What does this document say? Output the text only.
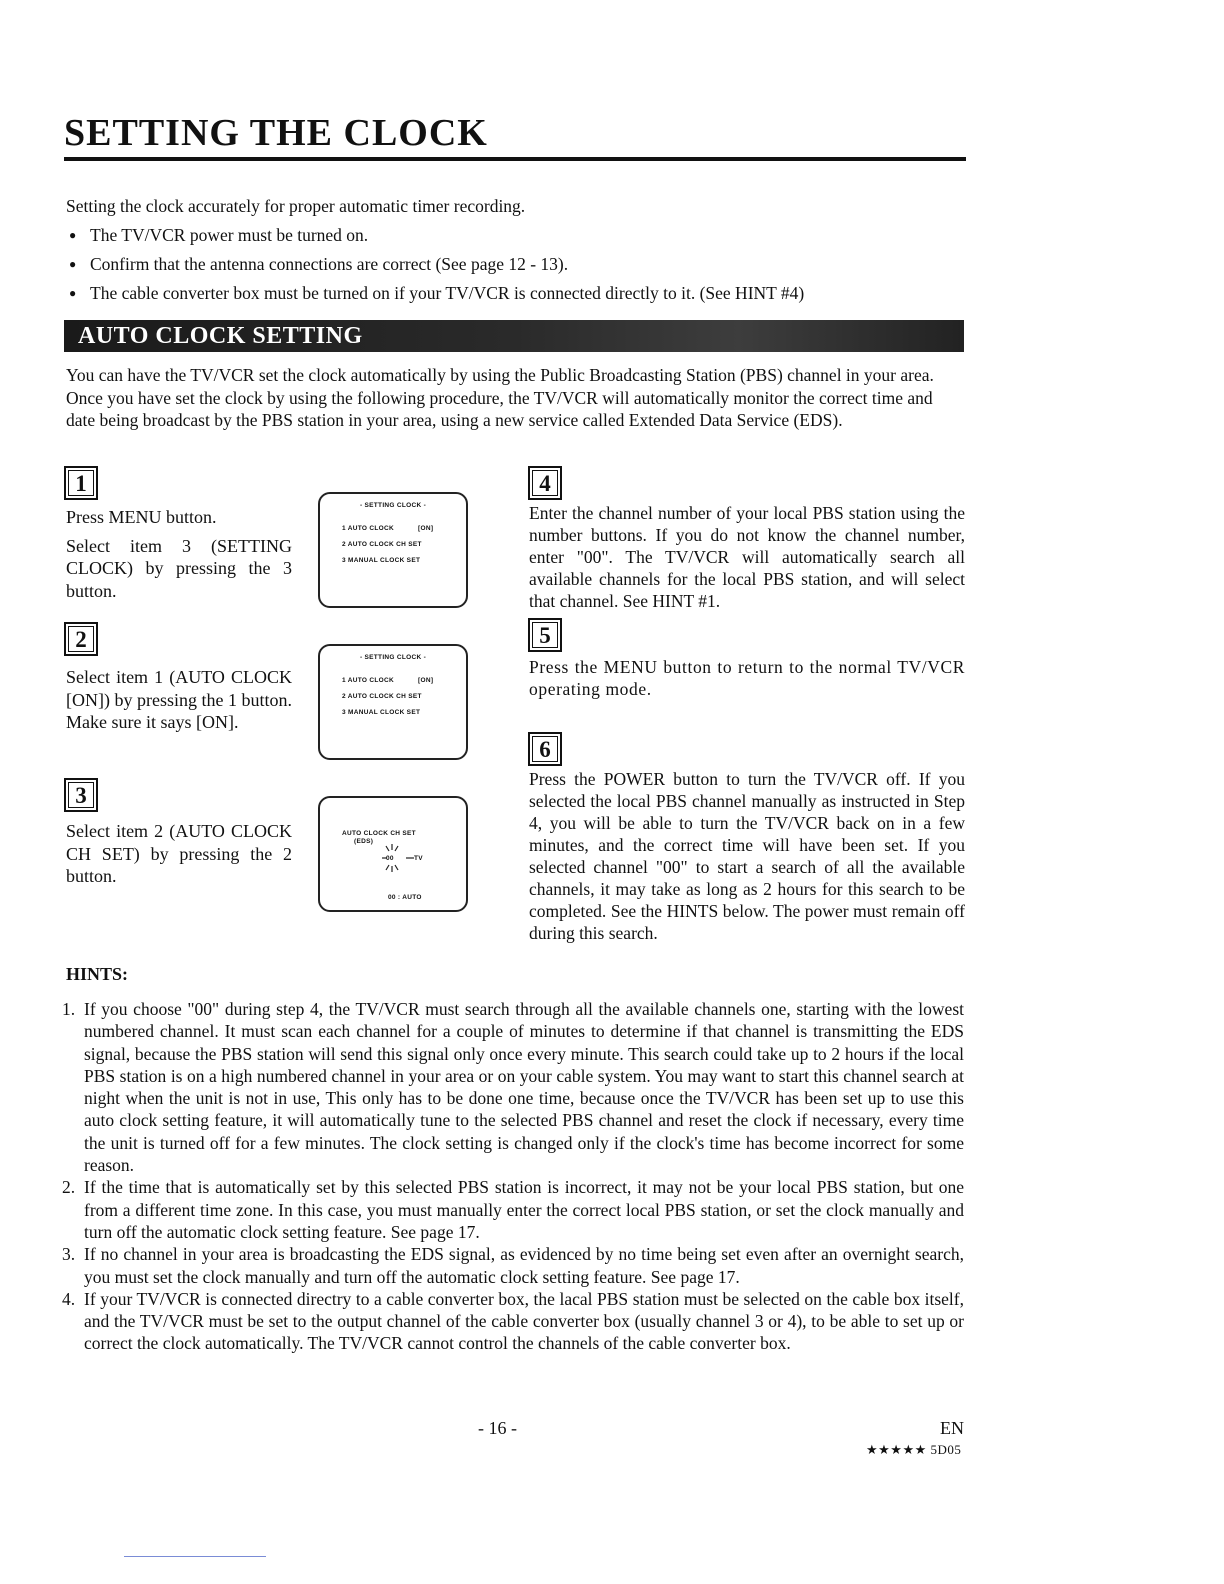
SETTING THE CLOCK

Setting the clock accurately for proper automatic timer recording.

● The TV/VCR power must be turned on.
● Confirm that the antenna connections are correct (See page 12 - 13).
● The cable converter box must be turned on if your TV/VCR is connected directly to it. (See HINT #4)
AUTO CLOCK SETTING

You can have the TV/VCR set the clock automatically by using the Public Broadcasting Station (PBS) channel in your area. Once you have set the clock by using the following procedure, the TV/VCR will automatically monitor the correct time and date being broadcast by the PBS station in your area, using a new service called Extended Data Service (EDS).

1

Press MENU button.

Select item 3 (SETTING CLOCK) by pressing the 3 button.

- SETTING CLOCK -
1 AUTO CLOCK	[ON]
2 AUTO CLOCK CH SET
3 MANUAL CLOCK SET
2

Select item 1 (AUTO CLOCK [ON]) by pressing the 1 button. Make sure it says [ON].

- SETTING CLOCK -
1 AUTO CLOCK	[ON]
2 AUTO CLOCK CH SET
3 MANUAL CLOCK SET
3

Select item 2 (AUTO CLOCK CH SET) by pressing the 2 button.

AUTO CLOCK CH SET
(EDS)
00	TV
00 : AUTO
4
Enter the channel number of your local PBS station using the number buttons. If you do not know the channel number, enter "00". The TV/VCR will automatically search all available channels for the local PBS station, and will select that channel. See HINT #1.
5
Press the MENU button to return to the normal TV/VCR operating mode.
6
Press the POWER button to turn the TV/VCR off. If you selected the local PBS channel manually as instructed in Step 4, you will be able to turn the TV/VCR back on in a few minutes, and the correct time will have been set. If you selected channel "00" to start a search of all the available channels, it may take as long as 2 hours for this search to be completed. See the HINTS below. The power must remain off during this search.
HINTS:
1. If you choose "00" during step 4, the TV/VCR must search through all the available channels one, starting with the lowest numbered channel. It must scan each channel for a couple of minutes to determine if that channel is transmitting the EDS signal, because the PBS station will send this signal only once every minute. This search could take up to 2 hours if the local PBS station is on a high numbered channel in your area or on your cable system. You may want to start this channel search at night when the unit is not in use, This only has to be done one time, because once the TV/VCR has been set up to use this auto clock setting feature, it will automatically tune to the selected PBS channel and reset the clock if necessary, every time the unit is turned off for a few minutes. The clock setting is changed only if the clock's time has become incorrect for some reason.
2. If the time that is automatically set by this selected PBS station is incorrect, it may not be your local PBS station, but one from a different time zone. In this case, you must manually enter the correct local PBS station, or set the clock manually and turn off the automatic clock setting feature. See page 17.
3. If no channel in your area is broadcasting the EDS signal, as evidenced by no time being set even after an overnight search, you must set the clock manually and turn off the automatic clock setting feature. See page 17.
4. If your TV/VCR is connected directry to a cable converter box, the lacal PBS station must be selected on the cable box itself, and the TV/VCR must be set to the output channel of the cable converter box (usually channel 3 or 4), to be able to set up or correct the clock automatically. The TV/VCR cannot control the channels of the cable converter box.
- 16 -	EN
★★★★★ 5D05
